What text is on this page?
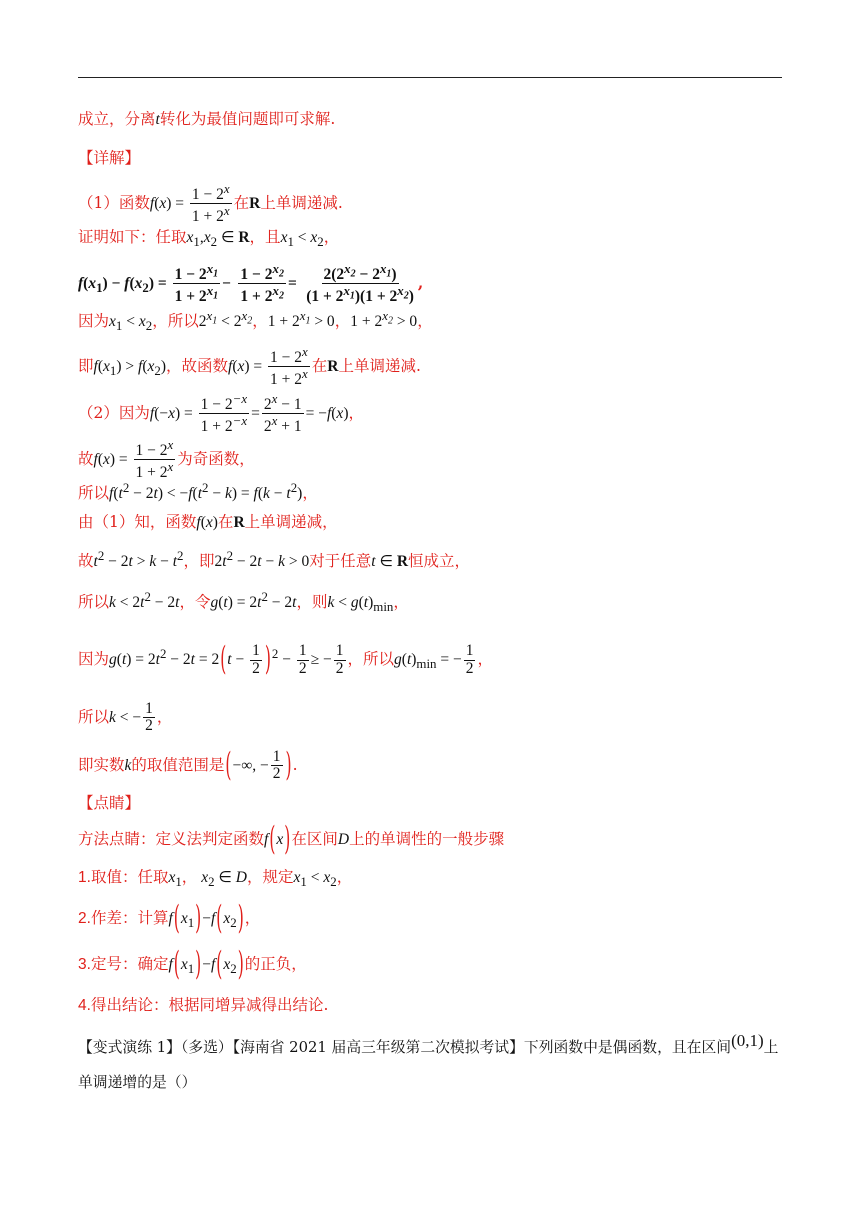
成立，分离t转化为最值问题即可求解.
【详解】
（1）函数$f(x) = \frac{1 - 2^x}{1 + 2^x}$ 在R上单调递减.
证明如下：任取$x_1,x_2$ ∈ R，且$x_1 < x_2$，
$f(x_1) - f(x_2) = \frac{1 - 2^{x_1}}{1 + 2^{x_1}} - \frac{1 - 2^{x_2}}{1 + 2^{x_2}} = \frac{2(2^{x_2} - 2^{x_1})}{(1 + 2^{x_1})(1 + 2^{x_2})}$ ,
因为$x_1 < x_2$，所以$2^{x_1} < 2^{x_2}$，$1 + 2^{x_1} > 0$，$1 + 2^{x_2} > 0$，
即$f(x_1) > f(x_2)$，故函数$f(x) = \frac{1 - 2^x}{1 + 2^x}$ 在R上单调递减.
（2）因为$f(-x) = \frac{1 - 2^{-x}}{1 + 2^{-x}} = \frac{2^x - 1}{2^x + 1} = -f(x)$，
故$f(x) = \frac{1 - 2^x}{1 + 2^x}$ 为奇函数，
所以$f(t^2 - 2t) < -f(t^2 - k) = f(k - t^2)$，
由（1）知，函数f(x)在R上单调递减，
故$t^2 - 2t > k - t^2$，即$2t^2 - 2t - k > 0$对于任意t ∈ R恒成立，
所以$k < 2t^2 - 2t$，令$g(t) = 2t^2 - 2t$，则$k < g(t)_{min}$，
因为$g(t) = 2t^2 - 2t = 2(t - \frac{1}{2} )^2 - \frac{1}{2}$ ≥ − $\frac{1}{2}$ ，所以$g(t)_{min}$ = − $\frac{1}{2}$ ，
所以k < − $\frac{1}{2}$ ，
即实数k的取值范围是(−∞, − $\frac{1}{2}$ ).
【点睛】
方法点睛：定义法判定函数f(x)在区间D上的单调性的一般步骤
1.取值：任取$x_1$， $x_2$ ∈ D，规定$x_1 < x_2$，
2.作差：计算$f(x_1)-f(x_2)$，
3.定号：确定$f(x_1)-f(x_2)$的正负，
4.得出结论：根据同增异减得出结论.
【变式演练 1】（多选）【海南省 2021 届高三年级第二次模拟考试】下列函数中是偶函数，且在区间(0,1)上
单调递增的是（）
